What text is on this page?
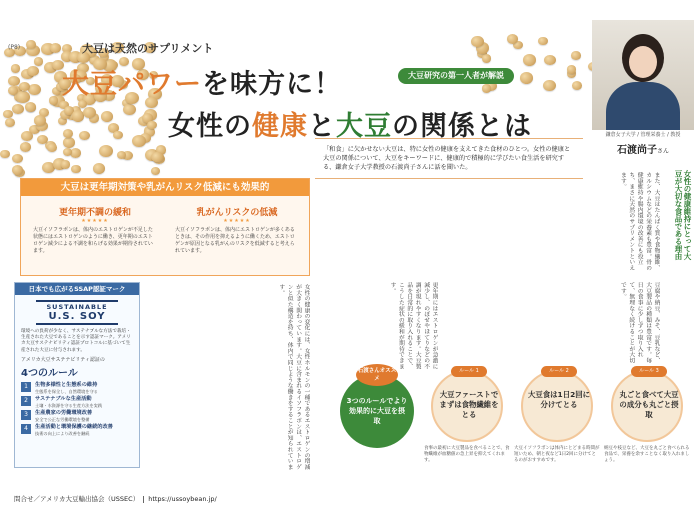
(P8)	大豆は天然のサプリメント
大豆パワーを味方に！
女性の健康と大豆の関係とは
大豆研究の第一人者が解説
鎌倉女子大学 / 管理栄養士 / 教授
石渡尚子さん
「和食」に欠かせない大豆は、特に女性の健康を支えてきた食材のひとつ。女性の健康と大豆の関係について、大豆をキーワードに、健康的で積極的に学びたい食生活を研究する、鎌倉女子大学教授の石渡尚子さんに話を聞いた。
大豆は更年期対策や乳がんリスク低減にも効果的
更年期不調の緩和
★★★★★

大豆イソフラボンは、体内のエストロゲンが不足した状態にはエストロゲンのように働き、更年期のエストロゲン減少による不調を和らげる効果が期待されています。

乳がんリスクの低減
★★★★★

大豆イソフラボンは、体内にエストロゲンが多くあるときは、その作用を抑えるように働くため、エストロゲンが原因となる乳がんのリスクを低減すると考えられています。

日本でも広がるSSAP認証マーク
SUSTAINABLE
U.S. SOY
環境への負荷が少なく、サステナブルな方法で栽培・生産された大豆であることを示す認証マーク。アメリカ大豆サステナビリティ認証プロトコルに基づいて生産された大豆に付与されます。
アメリカ大豆サステナビリティ認証の
4つのルール
1	生物多様性と生態系の維持
生態系を保全し、自然環境を守る
2	サステナブルな生産活動
土壌・水資源を守る生産方法を実践
3	生産農家の労働環境改善
安全で公正な労働環境を整備
4	生産活動と環境保護の継続的改善
技術の向上により改善を継続	女性の健康の変化には、女性ホルモンの一種であるエストロゲンの増減が大きく関わっています。大豆に含まれるイソフラボンは、エストロゲンと似た構造を持ち、体内で同じような働きをすることが知られています。	更年期にはエストロゲンが急激に減少し、のぼせやほてりなどの不調が現れやすくなります。大豆製品を日常的に取り入れることで、こうした症状の緩和が期待できます。
また、大豆はたんぱく質や食物繊維、カルシウムなどの栄養素も豊富。骨の健康維持や腸内環境の改善にも役立ち、まさに天然のサプリメントといえます。
豆腐や納豆、みそ、豆乳など、大豆製品の種類は豊富です。毎日の食事に少しずつ取り入れて、無理なく続けることが大切です。
女性の健康維持にとって大豆が大切な食品である理由
石渡さんオススメ
3つのルールでより効果的に大豆を摂取
ルール 1
大豆ファーストでまずは食物繊維をとる
食事の最初に大豆製品を食べることで、食物繊維が血糖値の急上昇を抑えてくれます。
ルール 2
大豆食は1日2回に分けてとる
大豆イソフラボンは体内にとどまる時間が短いため、朝と夜など1日2回に分けてとるのがおすすめです。
ルール 3
丸ごと食べて大豆の成分も丸ごと摂取
納豆や枝豆など、大豆を丸ごと食べられる食品で、栄養を余すことなく取り入れましょう。
問合せ／アメリカ大豆輸出協会（USSEC） https://ussoybean.jp/
